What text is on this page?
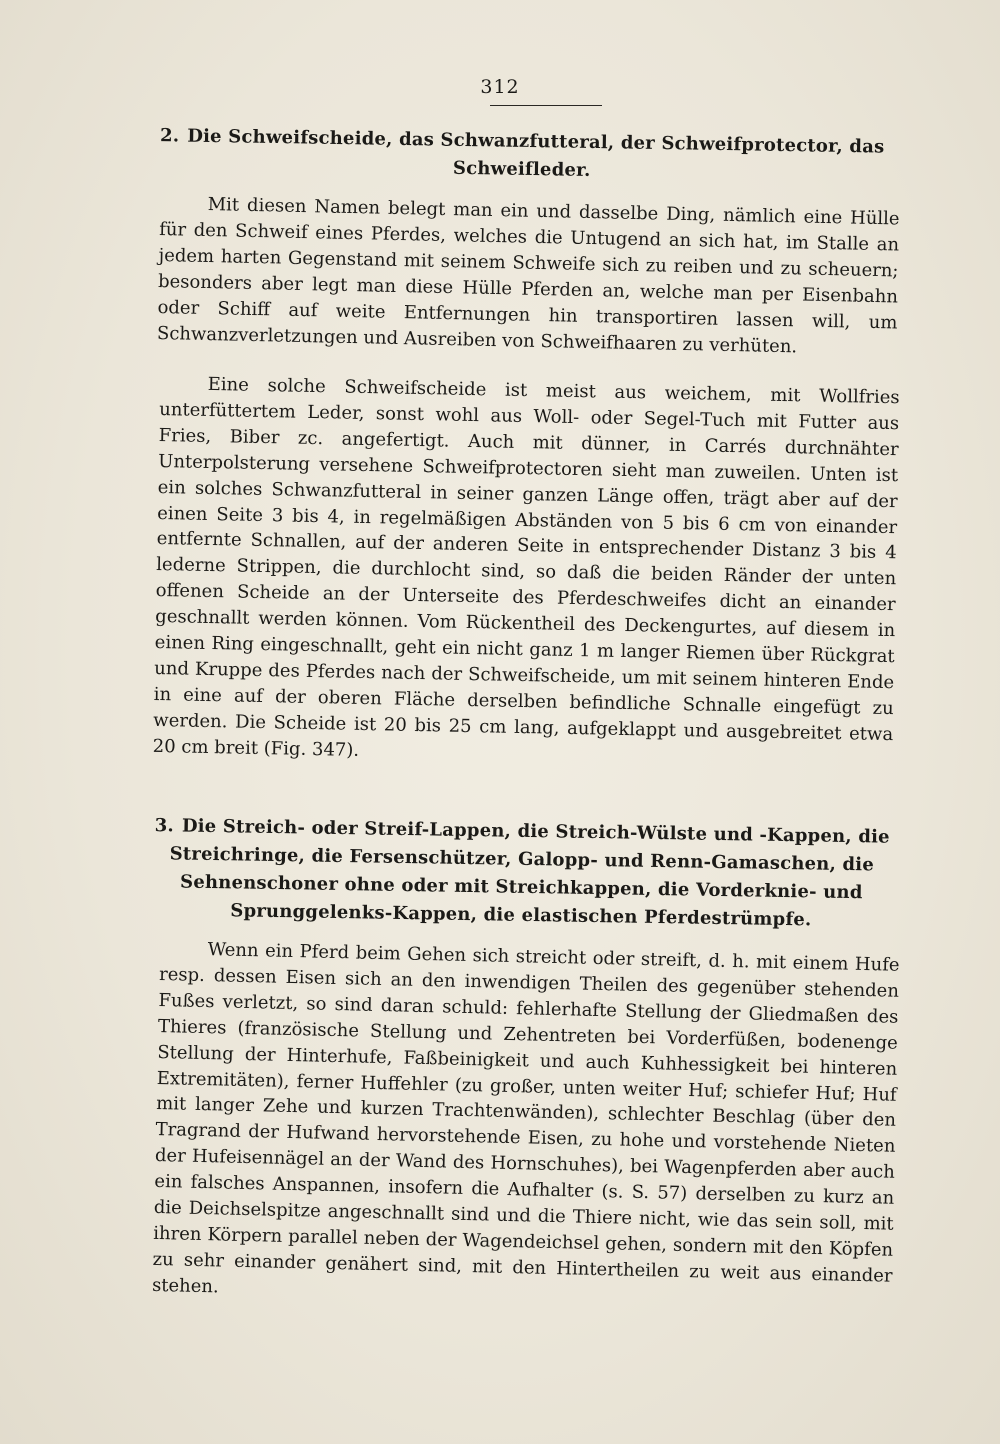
312
2. Die Schweifscheide, das Schwanzfutteral, der Schweifprotector, das Schweifleder.

Mit diesen Namen belegt man ein und dasselbe Ding, nämlich eine Hülle für den Schweif eines Pferdes, welches die Untugend an sich hat, im Stalle an jedem harten Gegenstand mit seinem Schweife sich zu reiben und zu scheuern; besonders aber legt man diese Hülle Pferden an, welche man per Eisenbahn oder Schiff auf weite Entfernungen hin transportiren lassen will, um Schwanzverletzungen und Ausreiben von Schweifhaaren zu verhüten.

Eine solche Schweifscheide ist meist aus weichem, mit Wollfries unterfüttertem Leder, sonst wohl aus Woll- oder Segel-Tuch mit Futter aus Fries, Biber zc. angefertigt. Auch mit dünner, in Carrés durchnähter Unterpolsterung versehene Schweifprotectoren sieht man zuweilen. Unten ist ein solches Schwanzfutteral in seiner ganzen Länge offen, trägt aber auf der einen Seite 3 bis 4, in regelmäßigen Abständen von 5 bis 6 cm von einander entfernte Schnallen, auf der anderen Seite in entsprechender Distanz 3 bis 4 lederne Strippen, die durchlocht sind, so daß die beiden Ränder der unten offenen Scheide an der Unterseite des Pferdeschweifes dicht an einander geschnallt werden können. Vom Rückentheil des Deckengurtes, auf diesem in einen Ring eingeschnallt, geht ein nicht ganz 1 m langer Riemen über Rückgrat und Kruppe des Pferdes nach der Schweifscheide, um mit seinem hinteren Ende in eine auf der oberen Fläche derselben befindliche Schnalle eingefügt zu werden. Die Scheide ist 20 bis 25 cm lang, aufgeklappt und ausgebreitet etwa 20 cm breit (Fig. 347).

3. Die Streich- oder Streif-Lappen, die Streich-Wülste und -Kappen, die Streichringe, die Fersenschützer, Galopp- und Renn-Gamaschen, die Sehnenschoner ohne oder mit Streichkappen, die Vorderknie- und Sprunggelenks-Kappen, die elastischen Pferdestrümpfe.

Wenn ein Pferd beim Gehen sich streicht oder streift, d. h. mit einem Hufe resp. dessen Eisen sich an den inwendigen Theilen des gegenüber stehenden Fußes verletzt, so sind daran schuld: fehlerhafte Stellung der Gliedmaßen des Thieres (französische Stellung und Zehentreten bei Vorderfüßen, bodenenge Stellung der Hinterhufe, Faßbeinigkeit und auch Kuhhessigkeit bei hinteren Extremitäten), ferner Huffehler (zu großer, unten weiter Huf; schiefer Huf; Huf mit langer Zehe und kurzen Trachtenwänden), schlechter Beschlag (über den Tragrand der Hufwand hervorstehende Eisen, zu hohe und vorstehende Nieten der Hufeisennägel an der Wand des Hornschuhes), bei Wagenpferden aber auch ein falsches Anspannen, insofern die Aufhalter (s. S. 57) derselben zu kurz an die Deichselspitze angeschnallt sind und die Thiere nicht, wie das sein soll, mit ihren Körpern parallel neben der Wagendeichsel gehen, sondern mit den Köpfen zu sehr einander genähert sind, mit den Hintertheilen zu weit aus einander stehen.
